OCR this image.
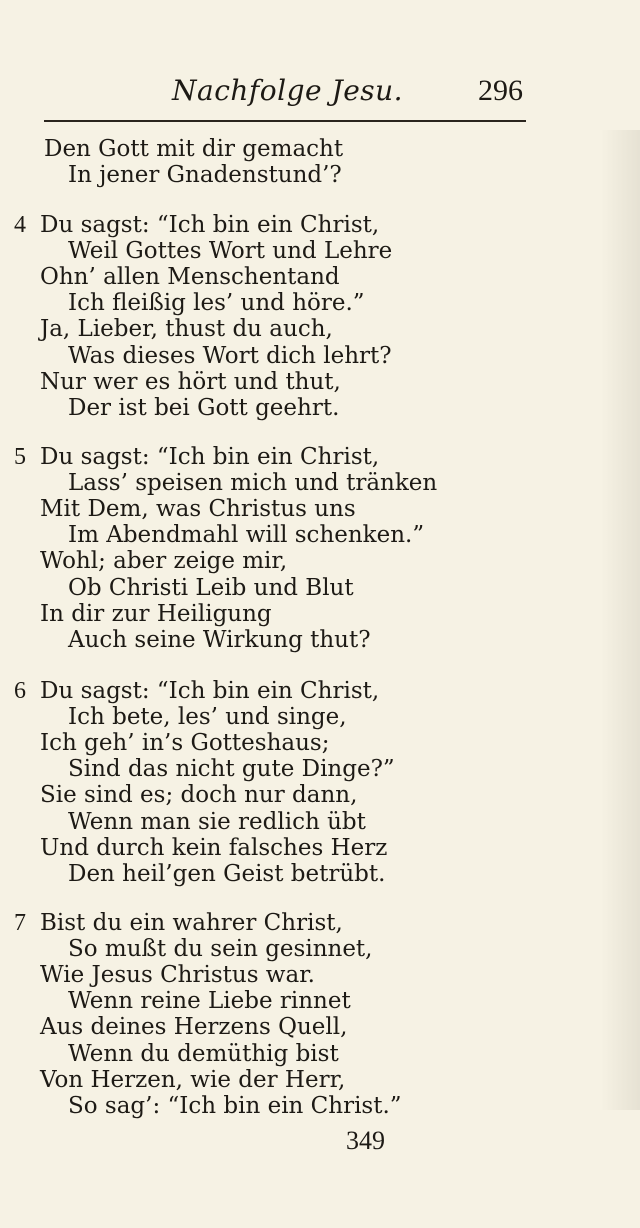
Nachfolge Jesu. 296
Den Gott mit dir gemacht
In jener Gnadenstund’?
4 Du sagst: “Ich bin ein Christ,
Weil Gottes Wort und Lehre
Ohn’ allen Menschentand
Ich fleißig les’ und höre.”
Ja, Lieber, thust du auch,
Was dieses Wort dich lehrt?
Nur wer es hört und thut,
Der ist bei Gott geehrt.
5 Du sagst: “Ich bin ein Christ,
Lass’ speisen mich und tränken
Mit Dem, was Christus uns
Im Abendmahl will schenken.”
Wohl; aber zeige mir,
Ob Christi Leib und Blut
In dir zur Heiligung
Auch seine Wirkung thut?
6 Du sagst: “Ich bin ein Christ,
Ich bete, les’ und singe,
Ich geh’ in’s Gotteshaus;
Sind das nicht gute Dinge?”
Sie sind es; doch nur dann,
Wenn man sie redlich übt
Und durch kein falsches Herz
Den heil’gen Geist betrübt.
7 Bist du ein wahrer Christ,
So mußt du sein gesinnet,
Wie Jesus Christus war.
Wenn reine Liebe rinnet
Aus deines Herzens Quell,
Wenn du demüthig bist
Von Herzen, wie der Herr,
So sag’: “Ich bin ein Christ.”
349
